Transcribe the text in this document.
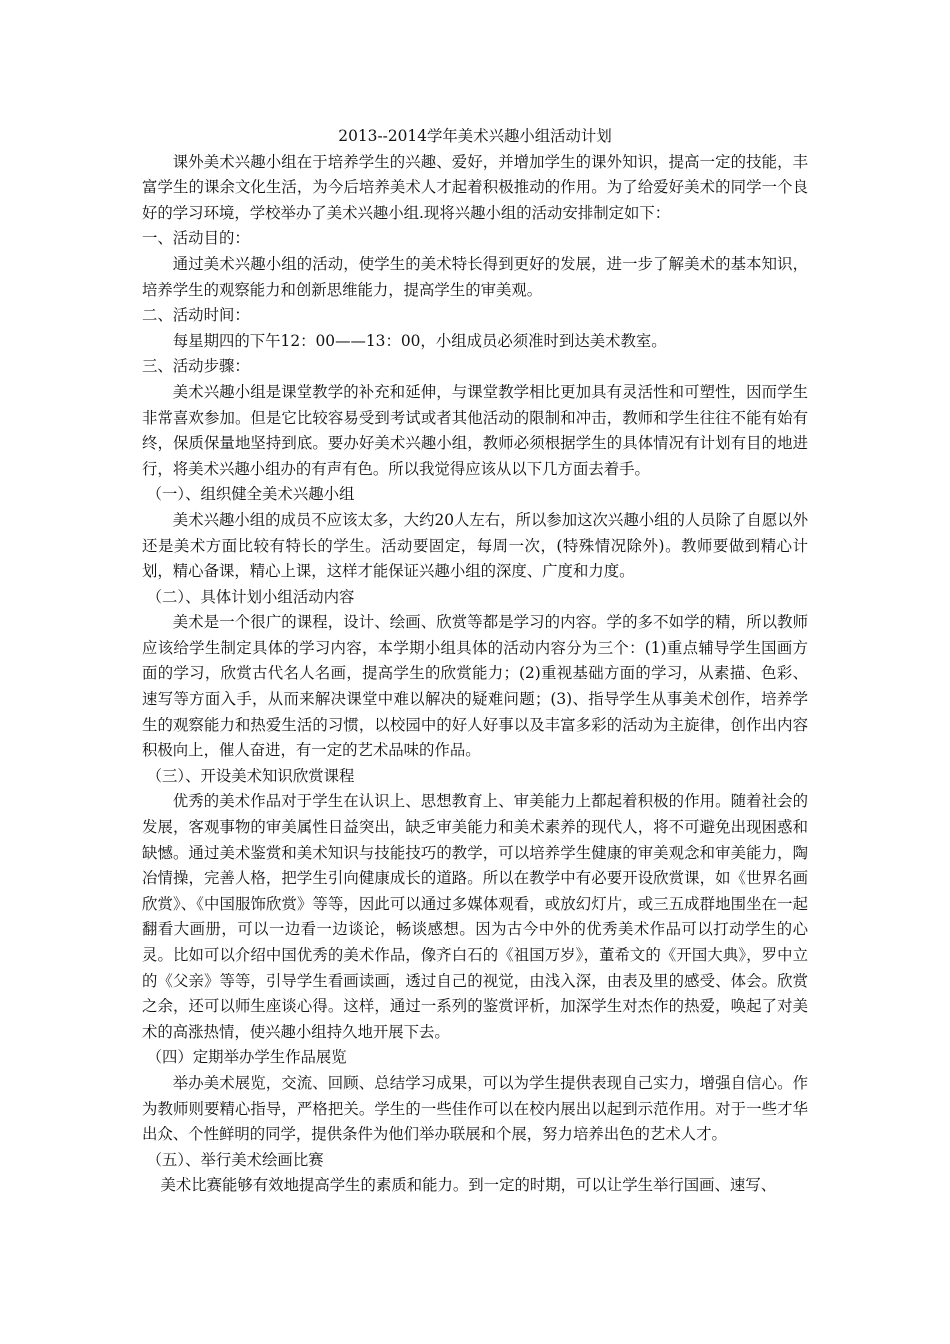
2013--2014学年美术兴趣小组活动计划

课外美术兴趣小组在于培养学生的兴趣、爱好，并增加学生的课外知识，提高一定的技能，丰富学生的课余文化生活，为今后培养美术人才起着积极推动的作用。为了给爱好美术的同学一个良好的学习环境，学校举办了美术兴趣小组.现将兴趣小组的活动安排制定如下：

一、活动目的：

通过美术兴趣小组的活动，使学生的美术特长得到更好的发展，进一步了解美术的基本知识，培养学生的观察能力和创新思维能力，提高学生的审美观。

二、活动时间：

每星期四的下午12：00——13：00，小组成员必须准时到达美术教室。

三、活动步骤：

美术兴趣小组是课堂教学的补充和延伸，与课堂教学相比更加具有灵活性和可塑性，因而学生非常喜欢参加。但是它比较容易受到考试或者其他活动的限制和冲击，教师和学生往往不能有始有终，保质保量地坚持到底。要办好美术兴趣小组，教师必须根据学生的具体情况有计划有目的地进行，将美术兴趣小组办的有声有色。所以我觉得应该从以下几方面去着手。

（一）、组织健全美术兴趣小组

美术兴趣小组的成员不应该太多，大约20人左右，所以参加这次兴趣小组的人员除了自愿以外还是美术方面比较有特长的学生。活动要固定，每周一次，(特殊情况除外)。教师要做到精心计划，精心备课，精心上课，这样才能保证兴趣小组的深度、广度和力度。

（二）、具体计划小组活动内容

美术是一个很广的课程，设计、绘画、欣赏等都是学习的内容。学的多不如学的精，所以教师应该给学生制定具体的学习内容，本学期小组具体的活动内容分为三个：(1)重点辅导学生国画方面的学习，欣赏古代名人名画，提高学生的欣赏能力；(2)重视基础方面的学习，从素描、色彩、速写等方面入手，从而来解决课堂中难以解决的疑难问题；(3)、指导学生从事美术创作，培养学生的观察能力和热爱生活的习惯，以校园中的好人好事以及丰富多彩的活动为主旋律，创作出内容积极向上，催人奋进，有一定的艺术品味的作品。

（三）、开设美术知识欣赏课程

优秀的美术作品对于学生在认识上、思想教育上、审美能力上都起着积极的作用。随着社会的发展，客观事物的审美属性日益突出，缺乏审美能力和美术素养的现代人，将不可避免出现困惑和缺憾。通过美术鉴赏和美术知识与技能技巧的教学，可以培养学生健康的审美观念和审美能力，陶冶情操，完善人格，把学生引向健康成长的道路。所以在教学中有必要开设欣赏课，如《世界名画欣赏》、《中国服饰欣赏》等等，因此可以通过多媒体观看，或放幻灯片，或三五成群地围坐在一起翻看大画册，可以一边看一边谈论，畅谈感想。因为古今中外的优秀美术作品可以打动学生的心灵。比如可以介绍中国优秀的美术作品，像齐白石的《祖国万岁》，董希文的《开国大典》，罗中立的《父亲》等等，引导学生看画读画，透过自己的视觉，由浅入深，由表及里的感受、体会。欣赏之余，还可以师生座谈心得。这样，通过一系列的鉴赏评析，加深学生对杰作的热爱，唤起了对美术的高涨热情，使兴趣小组持久地开展下去。

（四）定期举办学生作品展览

举办美术展览，交流、回顾、总结学习成果，可以为学生提供表现自己实力，增强自信心。作为教师则要精心指导，严格把关。学生的一些佳作可以在校内展出以起到示范作用。对于一些才华出众、个性鲜明的同学，提供条件为他们举办联展和个展，努力培养出色的艺术人才。

（五）、举行美术绘画比赛

美术比赛能够有效地提高学生的素质和能力。到一定的时期，可以让学生举行国画、速写、
